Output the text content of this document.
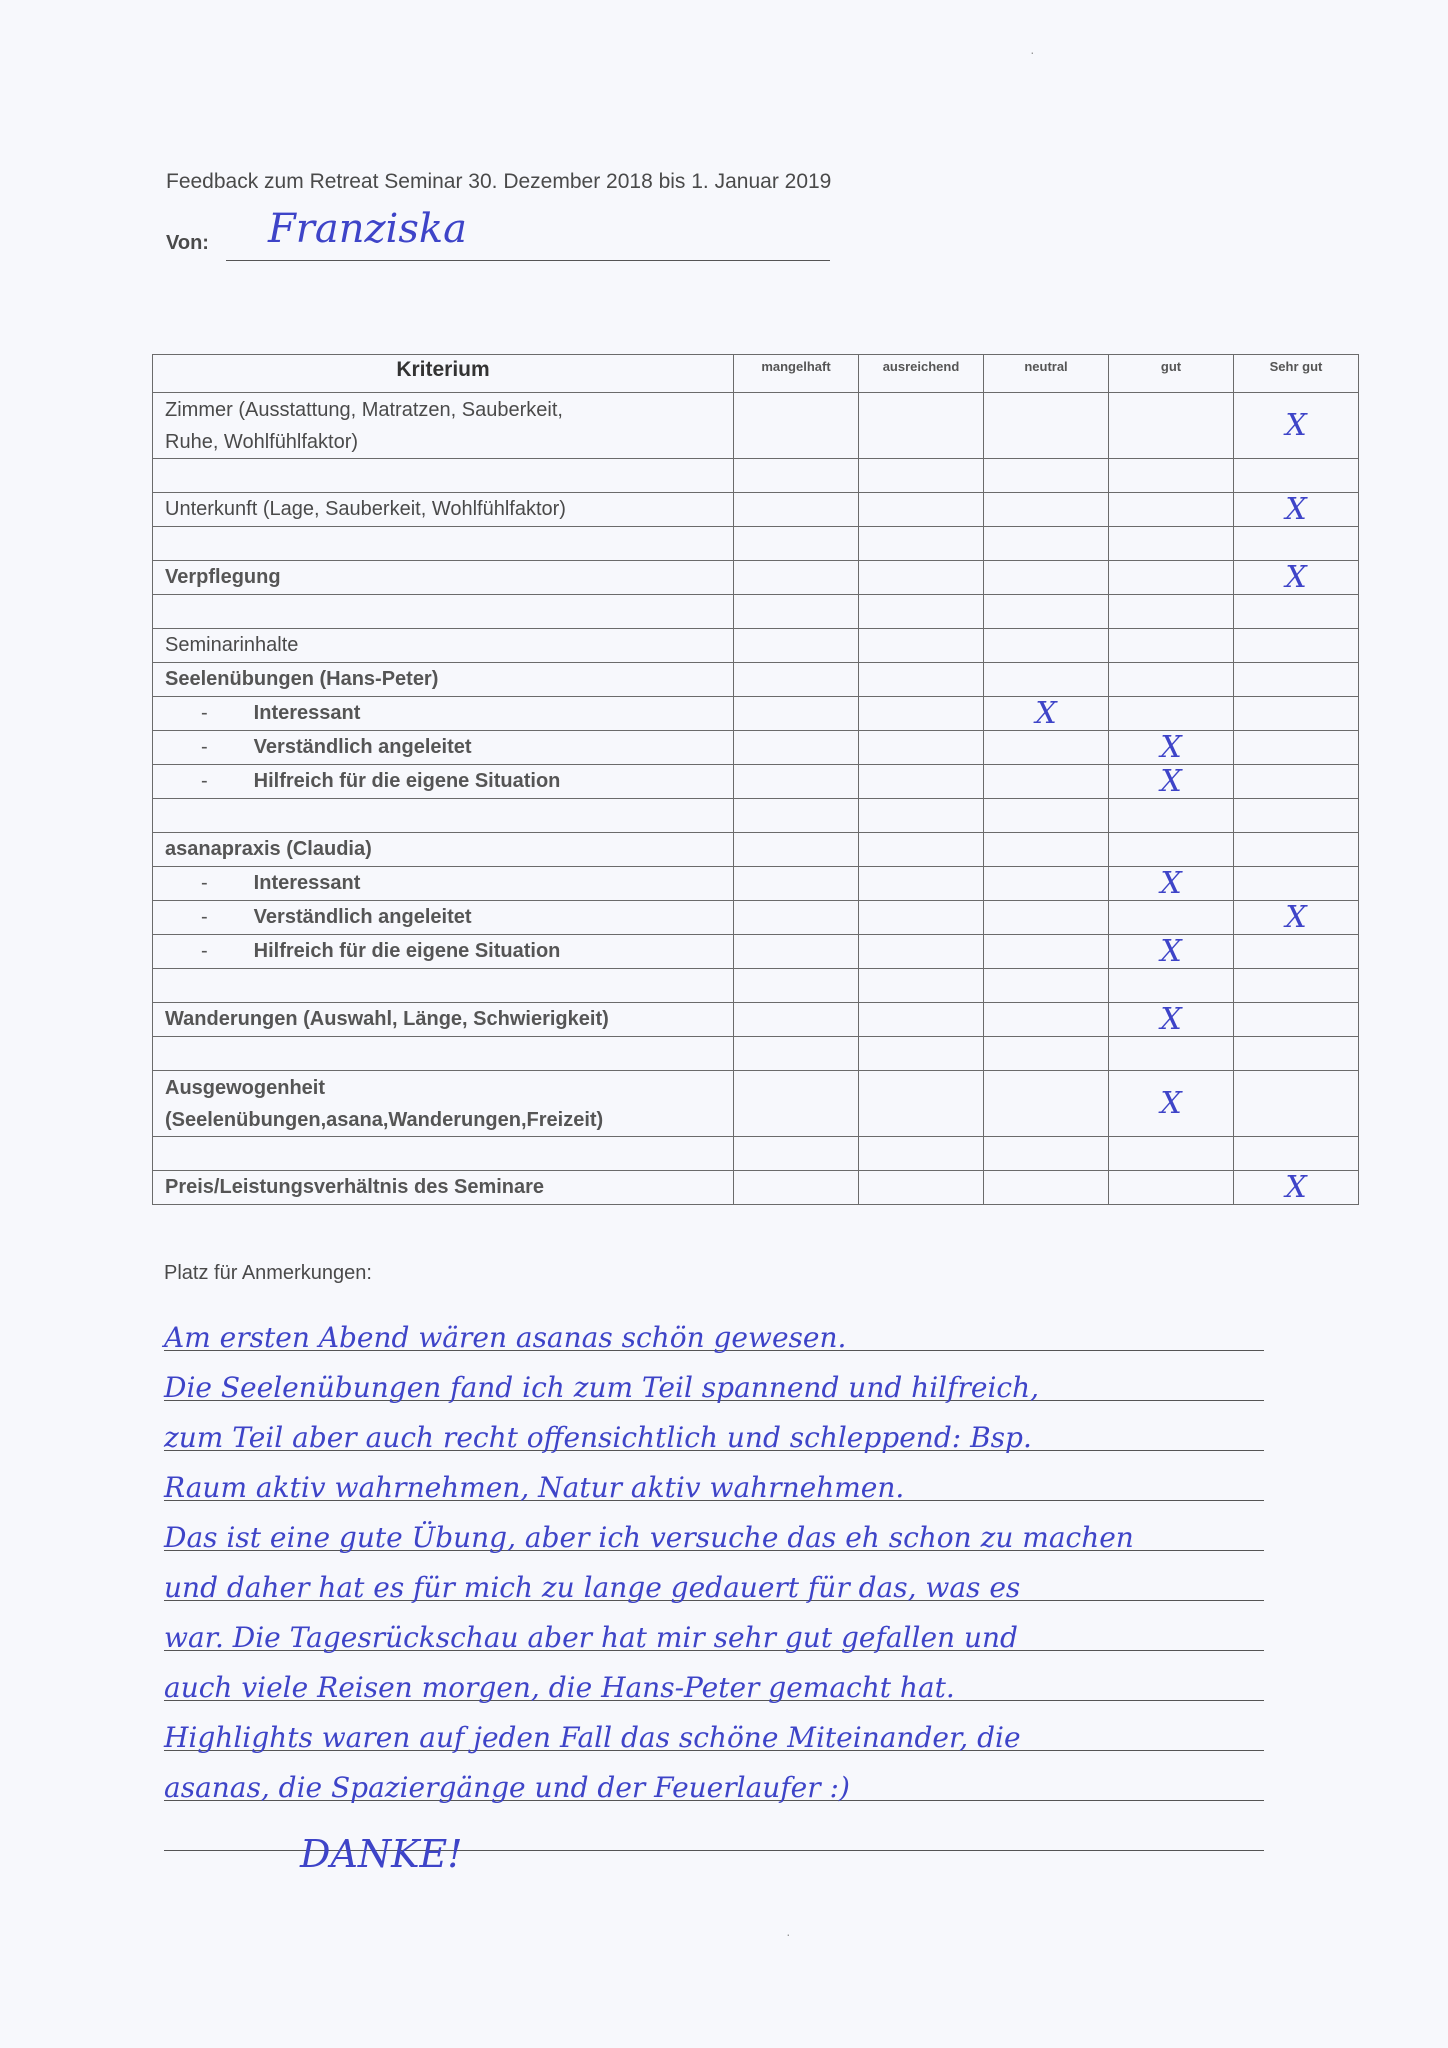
Feedback zum Retreat Seminar 30. Dezember 2018 bis 1. Januar 2019
Von: Franziska
Kriterium	mangelhaft	ausreichend	neutral	gut	Sehr gut
Zimmer (Ausstattung, Matratzen, Sauberkeit,
Ruhe, Wohlfühlfaktor)					X

Unterkunft (Lage, Sauberkeit, Wohlfühlfaktor)					X

Verpflegung					X

Seminarinhalte					
Seelenübungen (Hans-Peter)					
- Interessant			X		
- Verständlich angeleitet				X	
- Hilfreich für die eigene Situation				X	

asanapraxis (Claudia)					
- Interessant				X	
- Verständlich angeleitet					X
- Hilfreich für die eigene Situation				X	

Wanderungen (Auswahl, Länge, Schwierigkeit)				X	

Ausgewogenheit
(Seelenübungen,asana,Wanderungen,Freizeit)				X	

Preis/Leistungsverhältnis des Seminare					X
Platz für Anmerkungen:
Am ersten Abend wären asanas schön gewesen.
Die Seelenübungen fand ich zum Teil spannend und hilfreich,
zum Teil aber auch recht offensichtlich und schleppend: Bsp.
Raum aktiv wahrnehmen, Natur aktiv wahrnehmen.
Das ist eine gute Übung, aber ich versuche das eh schon zu machen
und daher hat es für mich zu lange gedauert für das, was es
war. Die Tagesrückschau aber hat mir sehr gut gefallen und
auch viele Reisen morgen, die Hans-Peter gemacht hat.
Highlights waren auf jeden Fall das schöne Miteinander, die
asanas, die Spaziergänge und der Feuerlaufer :)
DANKE!
·
·
